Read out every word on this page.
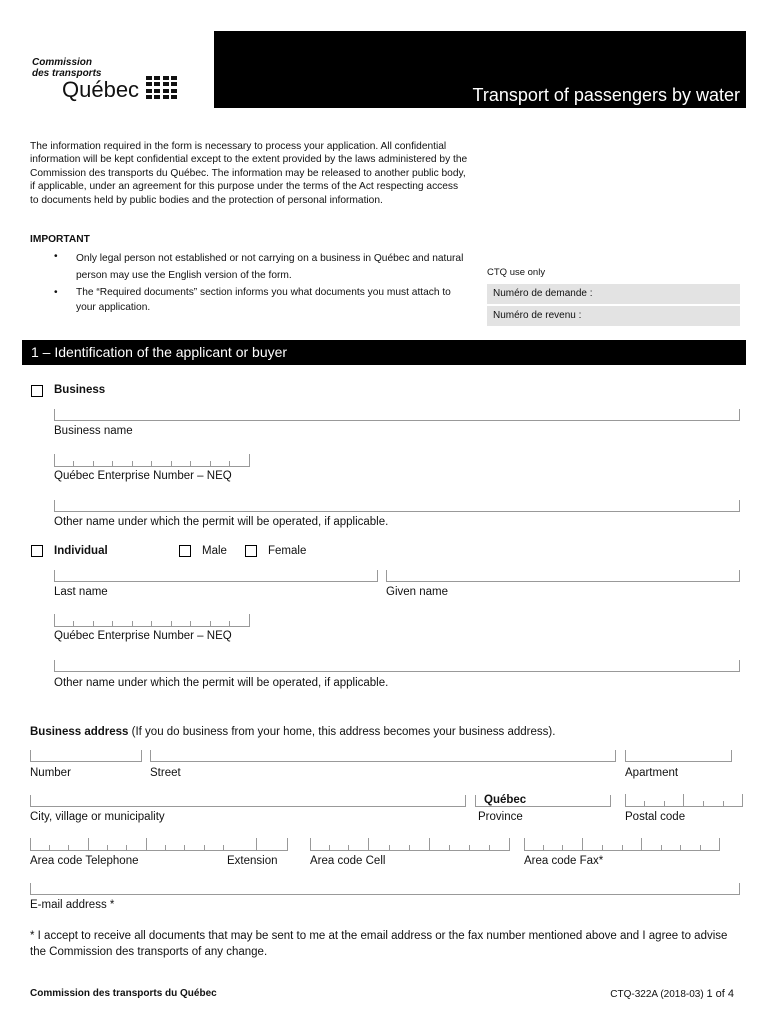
Commission
des transports
Québec	Transport of passengers by water
The information required in the form is necessary to process your application. All confidential information will be kept confidential except to the extent provided by the laws administered by the Commission des transports du Québec. The information may be released to another public body, if applicable, under an agreement for this purpose under the terms of the Act respecting access to documents held by public bodies and the protection of personal information.
IMPORTANT
• Only legal person not established or not carrying on a business in Québec and natural person may use the English version of the form.
• The “Required documents” section informs you what documents you must attach to your application.
CTQ use only
Numéro de demande :
Numéro de revenu :
1 – Identification of the applicant or buyer
Business
Business name
Québec Enterprise Number – NEQ
Other name under which the permit will be operated, if applicable.
Individual	Male	Female
Last name	Given name
Québec Enterprise Number – NEQ
Other name under which the permit will be operated, if applicable.
Business address (If you do business from your home, this address becomes your business address).
Number	Street	Apartment
Québec
City, village or municipality	Province	Postal code
Area code Telephone	Extension	Area code Cell	Area code Fax*
E-mail address *
* I accept to receive all documents that may be sent to me at the email address or the fax number mentioned above and I agree to advise the Commission des transports of any change.
Commission des transports du Québec	CTQ-322A (2018-03) 1 of 4
